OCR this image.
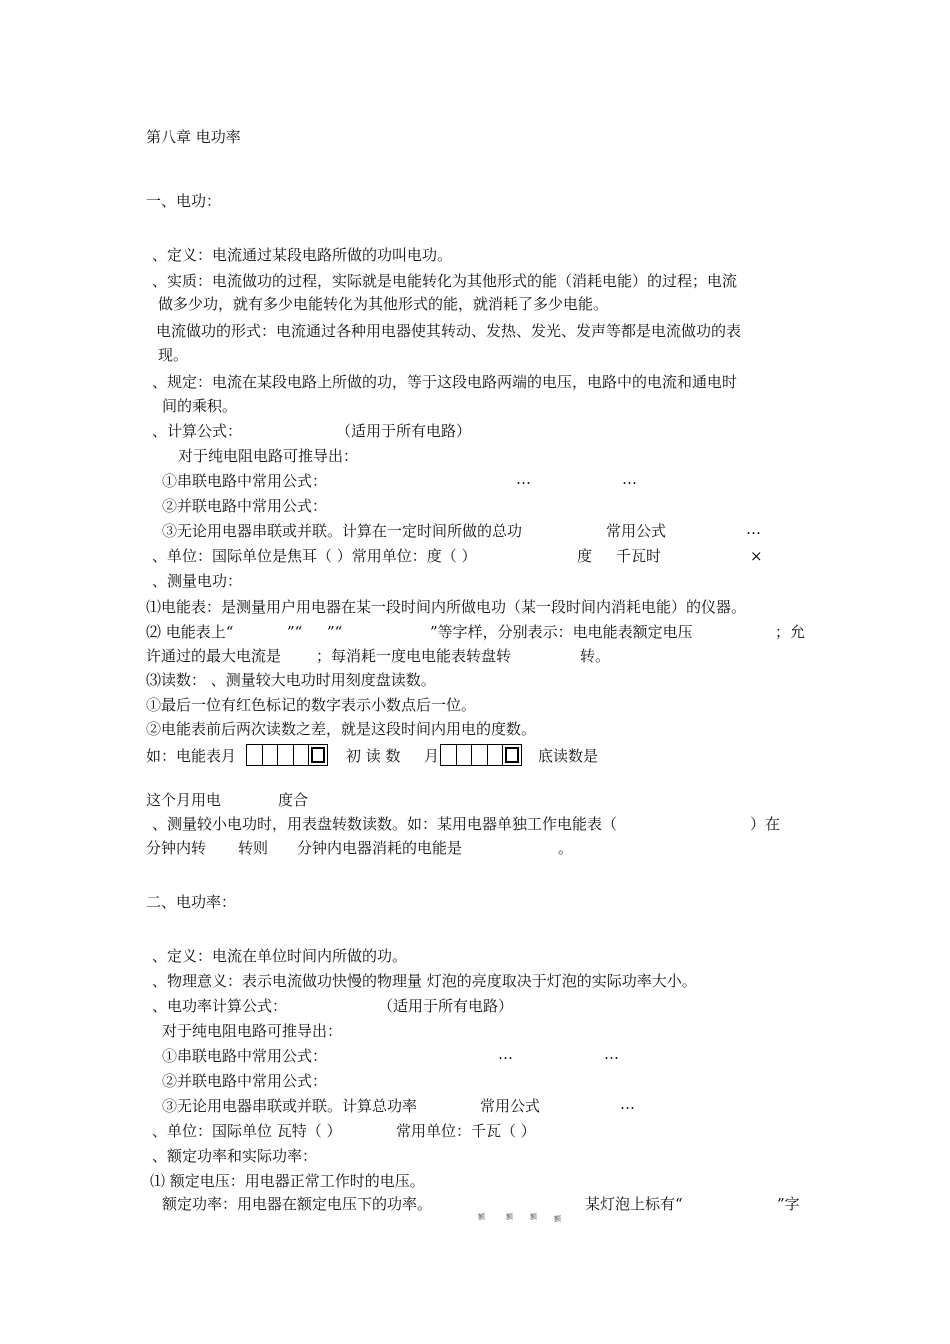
第八章 电功率
一、电功：
、定义：电流通过某段电路所做的功叫电功。
、实质：电流做功的过程，实际就是电能转化为其他形式的能（消耗电能）的过程；电流
做多少功，就有多少电能转化为其他形式的能，就消耗了多少电能。
电流做功的形式：电流通过各种用电器使其转动、发热、发光、发声等都是电流做功的表
现。
、规定：电流在某段电路上所做的功，等于这段电路两端的电压，电路中的电流和通电时
间的乘积。
、计算公式：	（适用于所有电路）
对于纯电阻电路可推导出：
①串联电路中常用公式：	…	…
②并联电路中常用公式：
③无论用电器串联或并联。计算在一定时间所做的总功	常用公式	…
、单位：国际单位是焦耳（ ）常用单位：度（ ）	度 千瓦时	×
、测量电功：
⑴电能表：是测量用户用电器在某一段时间内所做电功（某一段时间内消耗电能）的仪器。
⑵ 电能表上“	”“ ”“	”等字样，分别表示：电电能表额定电压	；允
许通过的最大电流是 ；每消耗一度电电能表转盘转	转。
⑶读数： 、测量较大电功时用刻度盘读数。
①最后一位有红色标记的数字表示小数点后一位。
②电能表前后两次读数之差，就是这段时间内用电的度数。
如：电能表月	初 读 数 月	底读数是
这个月用电	度合
、测量较小电功时，用表盘转数读数。如：某用电器单独工作电能表（	）在
分钟内转 转则 分钟内电器消耗的电能是	。
二、电功率：
、定义：电流在单位时间内所做的功。
、物理意义：表示电流做功快慢的物理量 灯泡的亮度取决于灯泡的实际功率大小。
、电功率计算公式：	（适用于所有电路）
对于纯电阻电路可推导出：
①串联电路中常用公式：	…	…
②并联电路中常用公式：
③无论用电器串联或并联。计算总功率	常用公式	…
、单位：国际单位 瓦特（ ）	常用单位：千瓦（ ）
、额定功率和实际功率：
⑴ 额定电压：用电器正常工作时的电压。
额定功率：用电器在额定电压下的功率。	某灯泡上标有“	”字
额	额 额 额
